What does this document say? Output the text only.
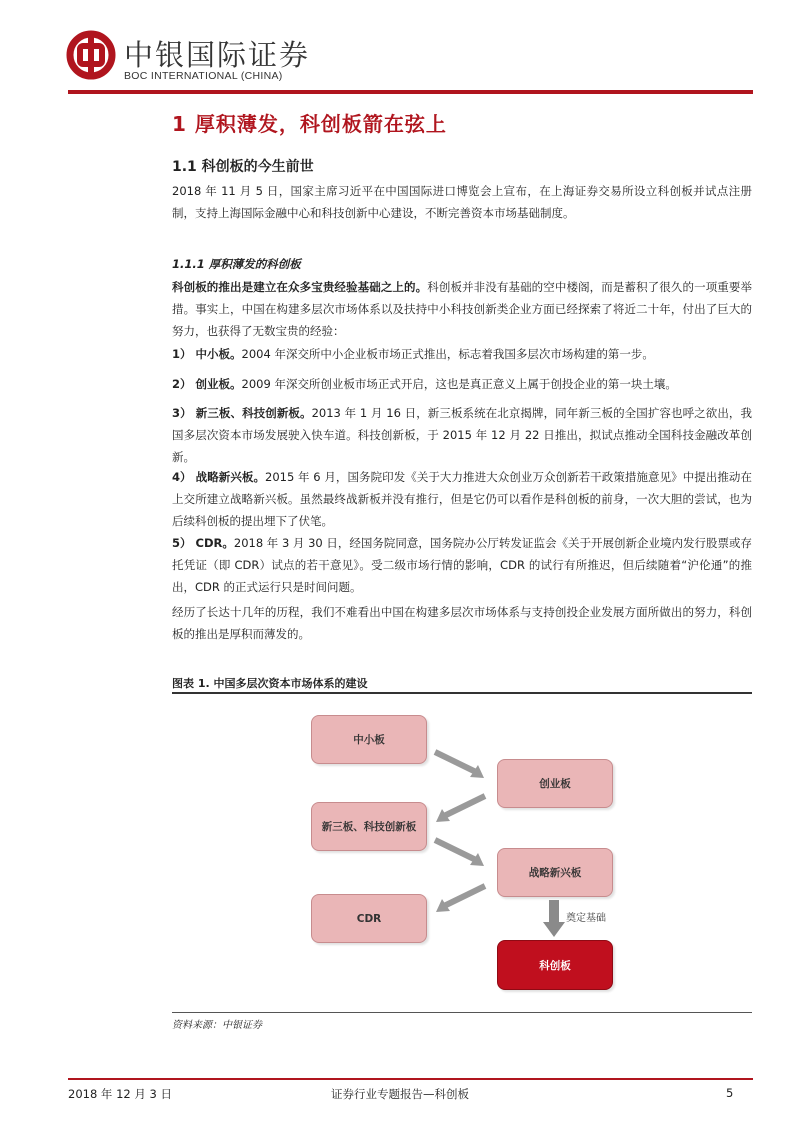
中银国际证券
BOC INTERNATIONAL (CHINA)
1 厚积薄发，科创板箭在弦上
1.1 科创板的今生前世
2018 年 11 月 5 日，国家主席习近平在中国国际进口博览会上宣布，在上海证券交易所设立科创板并试点注册制，支持上海国际金融中心和科技创新中心建设，不断完善资本市场基础制度。
1.1.1 厚积薄发的科创板
科创板的推出是建立在众多宝贵经验基础之上的。科创板并非没有基础的空中楼阁，而是蓄积了很久的一项重要举措。事实上，中国在构建多层次市场体系以及扶持中小科技创新类企业方面已经探索了将近二十年，付出了巨大的努力，也获得了无数宝贵的经验：
1） 中小板。2004 年深交所中小企业板市场正式推出，标志着我国多层次市场构建的第一步。
2） 创业板。2009 年深交所创业板市场正式开启，这也是真正意义上属于创投企业的第一块土壤。
3） 新三板、科技创新板。2013 年 1 月 16 日，新三板系统在北京揭牌，同年新三板的全国扩容也呼之欲出，我国多层次资本市场发展驶入快车道。科技创新板，于 2015 年 12 月 22 日推出，拟试点推动全国科技金融改革创新。
4） 战略新兴板。2015 年 6 月，国务院印发《关于大力推进大众创业万众创新若干政策措施意见》中提出推动在上交所建立战略新兴板。虽然最终战新板并没有推行，但是它仍可以看作是科创板的前身，一次大胆的尝试，也为后续科创板的提出埋下了伏笔。
5） CDR。2018 年 3 月 30 日，经国务院同意，国务院办公厅转发证监会《关于开展创新企业境内发行股票或存托凭证（即 CDR）试点的若干意见》。受二级市场行情的影响，CDR 的试行有所推迟，但后续随着“沪伦通”的推出，CDR 的正式运行只是时间问题。
经历了长达十几年的历程，我们不难看出中国在构建多层次市场体系与支持创投企业发展方面所做出的努力，科创板的推出是厚积而薄发的。
图表 1. 中国多层次资本市场体系的建设
中小板
创业板
新三板、科技创新板
战略新兴板
CDR
科创板
奠定基础
资料来源：中银证券
2018 年 12 月 3 日	证券行业专题报告—科创板	5
